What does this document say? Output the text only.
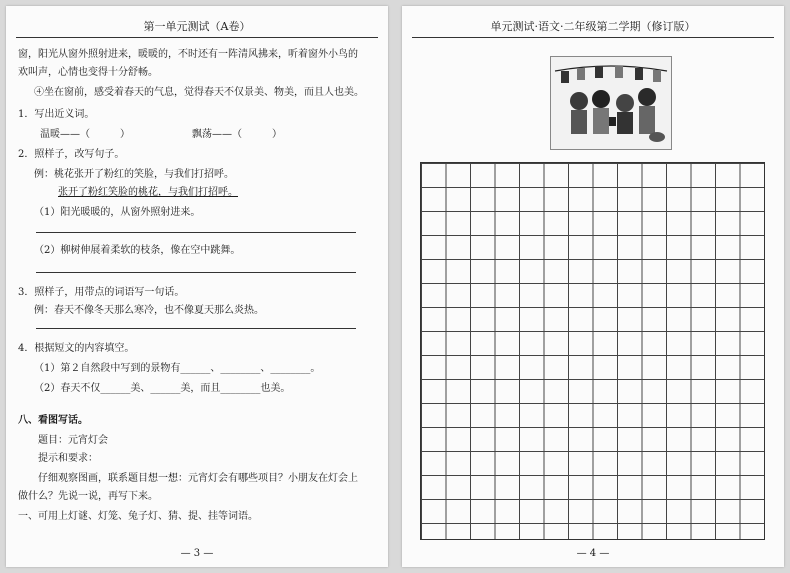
第一单元测试（A卷）
窗，阳光从窗外照射进来，暖暖的，不时还有一阵清风拂来，听着窗外小鸟的
欢叫声，心情也变得十分舒畅。
④坐在窗前，感受着春天的气息，觉得春天不仅景美、物美，而且人也美。
1．写出近义词。
温暖——（　　　）	飘荡——（　　　）
2．照样子，改写句子。
例：桃花张开了粉红的笑脸，与我们打招呼。
张开了粉红笑脸的桃花，与我们打招呼。
（1）阳光暖暖的，从窗外照射进来。
（2）柳树伸展着柔软的枝条，像在空中跳舞。
3．照样子，用带点的词语写一句话。
例：春天不像冬天那么寒冷，也不像夏天那么炎热。
4．根据短文的内容填空。
（1）第２自然段中写到的景物有______、________、________。
（2）春天不仅______美、______美，而且________也美。
八、看图写话。
题目：元宵灯会
提示和要求：
仔细观察图画，联系题目想一想：元宵灯会有哪些项目？小朋友在灯会上
做什么？先说一说，再写下来。
一、可用上灯谜、灯笼、兔子灯、猜、提、挂等词语。
— 3 —
单元测试·语文·二年级第二学期（修订版）
— 4 —
